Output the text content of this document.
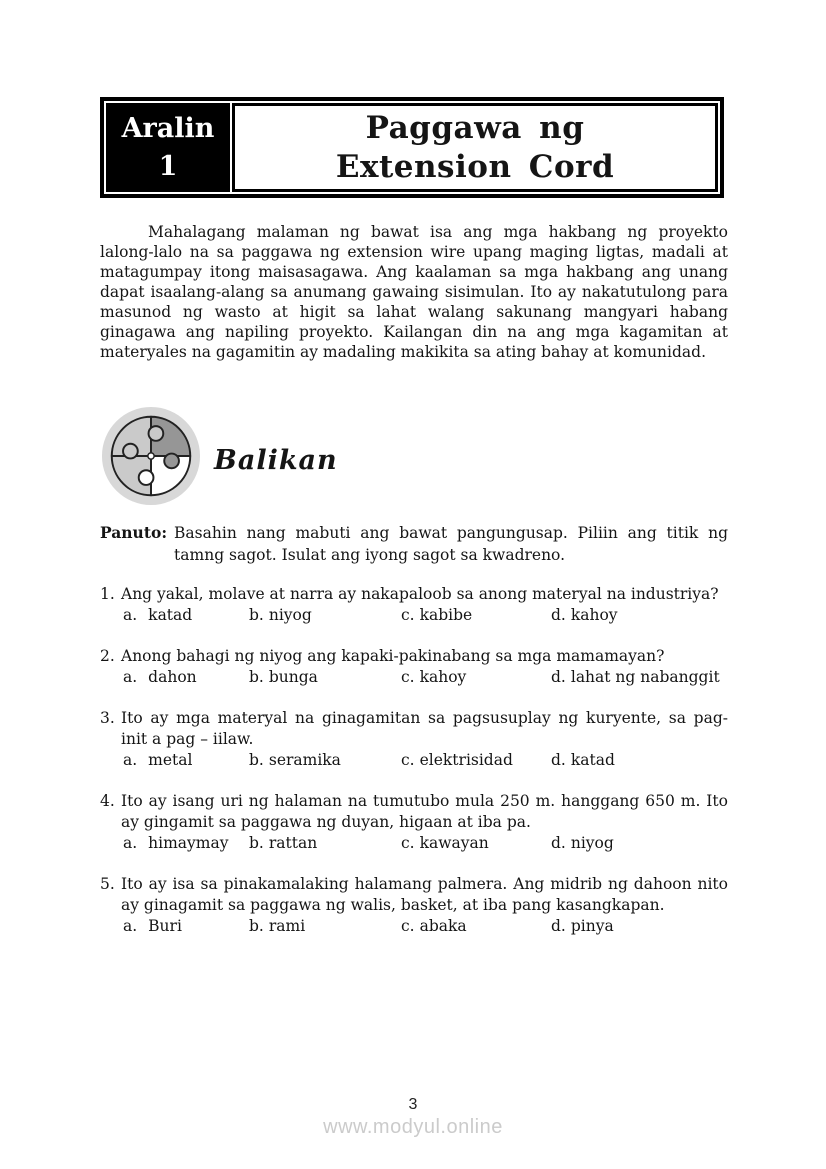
Aralin
1
Paggawa ng Extension Cord

Mahalagang malaman ng bawat isa ang mga hakbang ng proyekto lalong-lalo na sa paggawa ng extension wire upang maging ligtas, madali at matagumpay itong maisasagawa. Ang kaalaman sa mga hakbang ang unang dapat isaalang-alang sa anumang gawaing sisimulan. Ito ay nakatutulong para masunod ng wasto at higit sa lahat walang sakunang mangyari habang ginagawa ang napiling proyekto. Kailangan din na ang mga kagamitan at materyales na gagamitin ay madaling makikita sa ating bahay at komunidad.

Balikan
Panuto: Basahin nang mabuti ang bawat pangungusap. Piliin ang titik ng tamng sagot. Isulat ang iyong sagot sa kwadreno.
1. Ang yakal, molave at narra ay nakapaloob sa anong materyal na industriya?
a. katad	b. niyog	c. kabibe	d. kahoy
2. Anong bahagi ng niyog ang kapaki-pakinabang sa mga mamamayan?
a. dahon	b. bunga	c. kahoy	d. lahat ng nabanggit
3. Ito ay mga materyal na ginagamitan sa pagsusuplay ng kuryente, sa pag- init a pag – iilaw.
a. metal	b. seramika	c. elektrisidad	d. katad
4. Ito ay isang uri ng halaman na tumutubo mula 250 m. hanggang 650 m. Ito ay gingamit sa paggawa ng duyan, higaan at iba pa.
a. himaymay	b. rattan	c. kawayan	d. niyog
5. Ito ay isa sa pinakamalaking halamang palmera. Ang midrib ng dahoon nito ay ginagamit sa paggawa ng walis, basket, at iba pang kasangkapan.
a. Buri	b. rami	c. abaka	d. pinya
3
www.modyul.online
